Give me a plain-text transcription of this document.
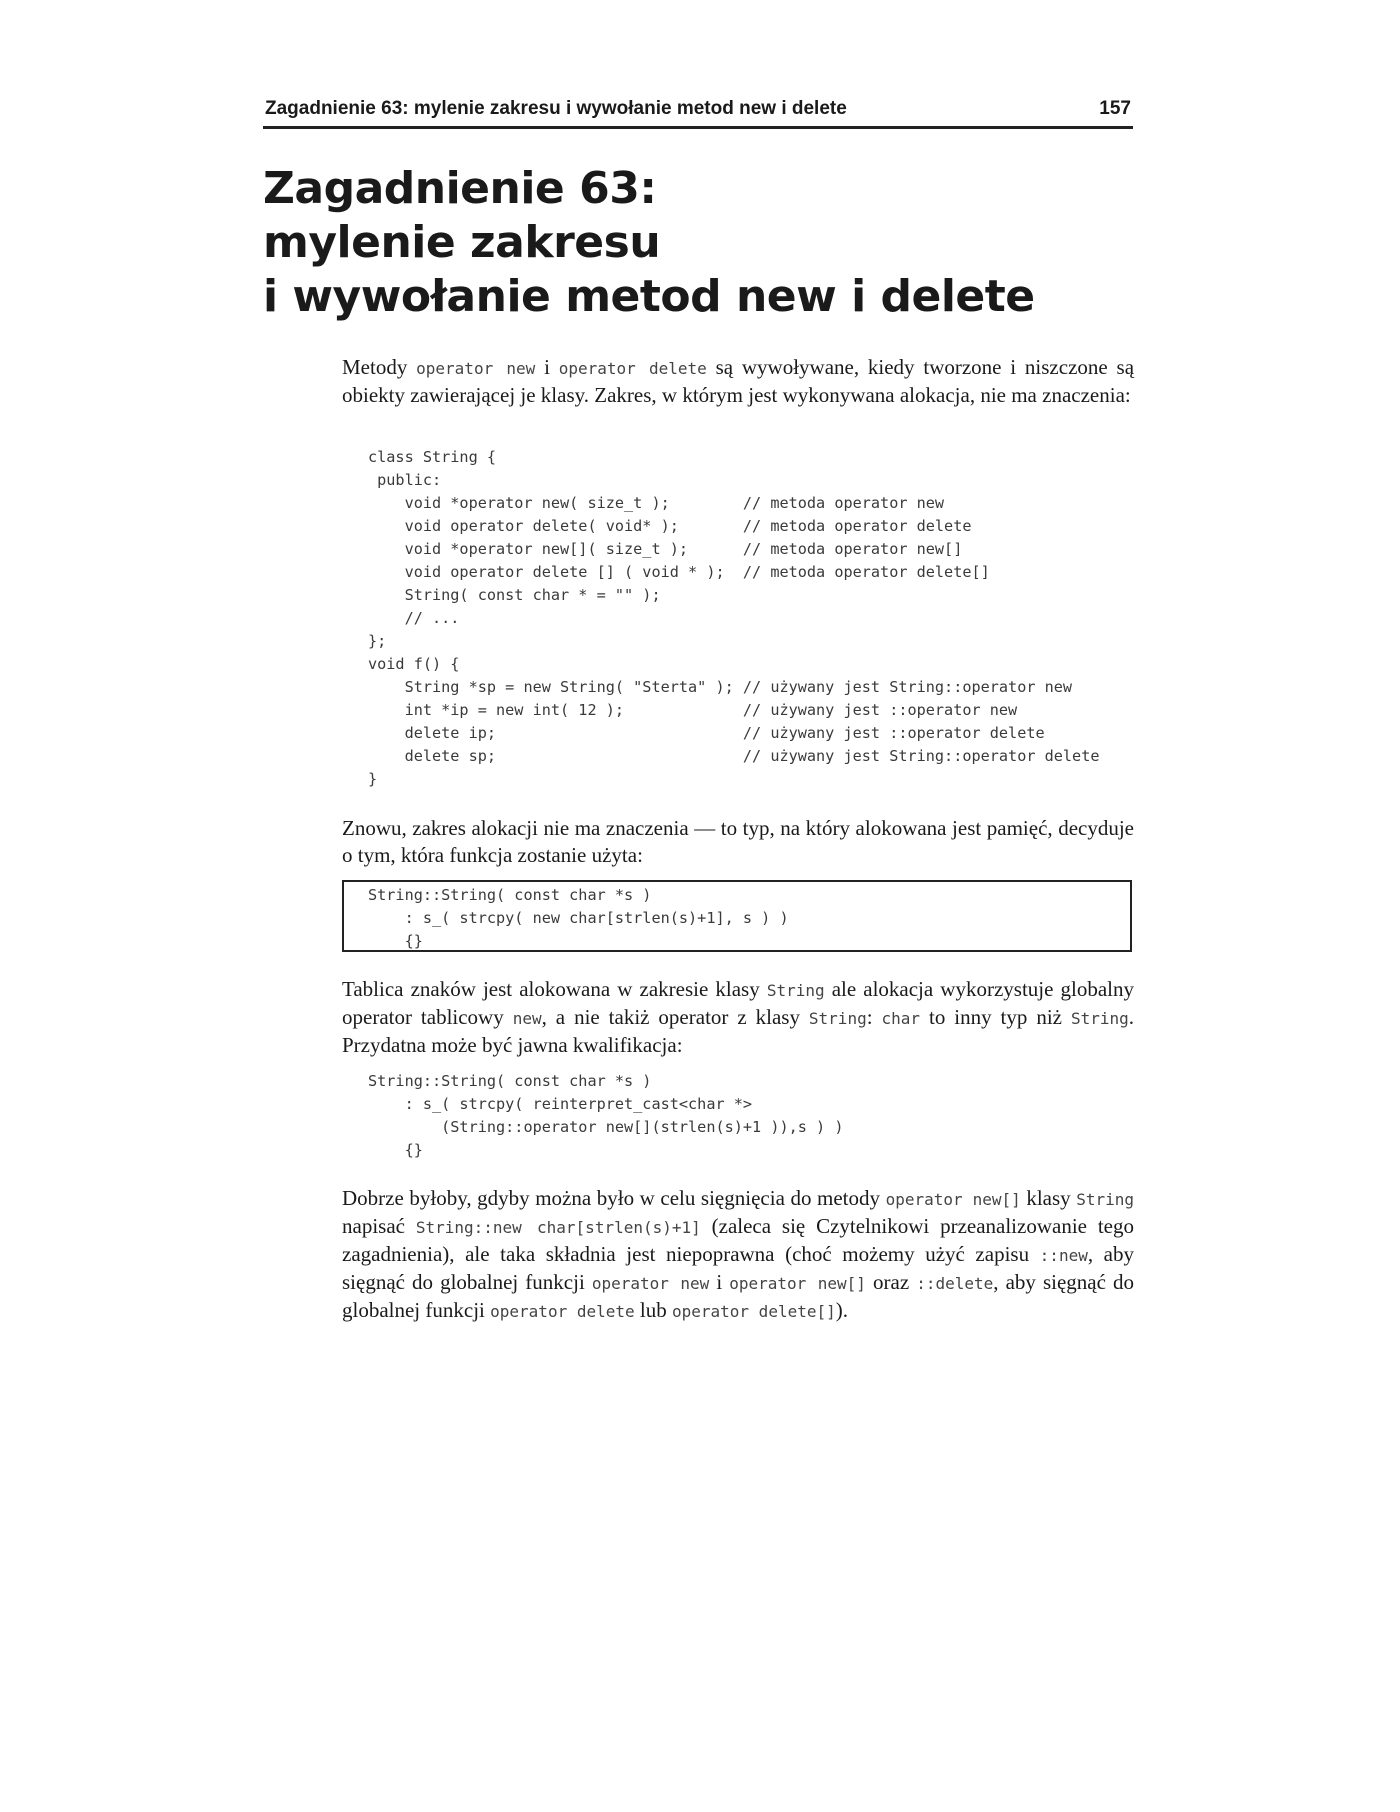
Zagadnienie 63: mylenie zakresu i wywołanie metod new i delete	157
Zagadnienie 63:
mylenie zakresu
i wywołanie metod new i delete

Metody operator new i operator delete są wywoływane, kiedy tworzone i niszczone są obiekty zawierającej je klasy. Zakres, w którym jest wykonywana alokacja, nie ma znaczenia:

class String {
public:
void *operator new( size_t );        // metoda operator new
void operator delete( void* );       // metoda operator delete
void *operator new[]( size_t );      // metoda operator new[]
void operator delete [] ( void * );  // metoda operator delete[]
String( const char * = "" );
// ...
};
void f() {
String *sp = new String( "Sterta" ); // używany jest String::operator new
int *ip = new int( 12 );             // używany jest ::operator new
delete ip;                           // używany jest ::operator delete
delete sp;                           // używany jest String::operator delete
}

Znowu, zakres alokacji nie ma znaczenia — to typ, na który alokowana jest pamięć, decyduje o tym, która funkcja zostanie użyta:

String::String( const char *s )
: s_( strcpy( new char[strlen(s)+1], s ) )
{}

Tablica znaków jest alokowana w zakresie klasy String ale alokacja wykorzystuje globalny operator tablicowy new, a nie takiż operator z klasy String: char to inny typ niż String. Przydatna może być jawna kwalifikacja:

String::String( const char *s )
: s_( strcpy( reinterpret_cast<char *>
(String::operator new[](strlen(s)+1 )),s ) )
{}

Dobrze byłoby, gdyby można było w celu sięgnięcia do metody operator new[] klasy String napisać String::new char[strlen(s)+1] (zaleca się Czytelnikowi przeanalizowanie tego zagadnienia), ale taka składnia jest niepoprawna (choć możemy użyć zapisu ::new, aby sięgnąć do globalnej funkcji operator new i operator new[] oraz ::delete, aby sięgnąć do globalnej funkcji operator delete lub operator delete[]).
